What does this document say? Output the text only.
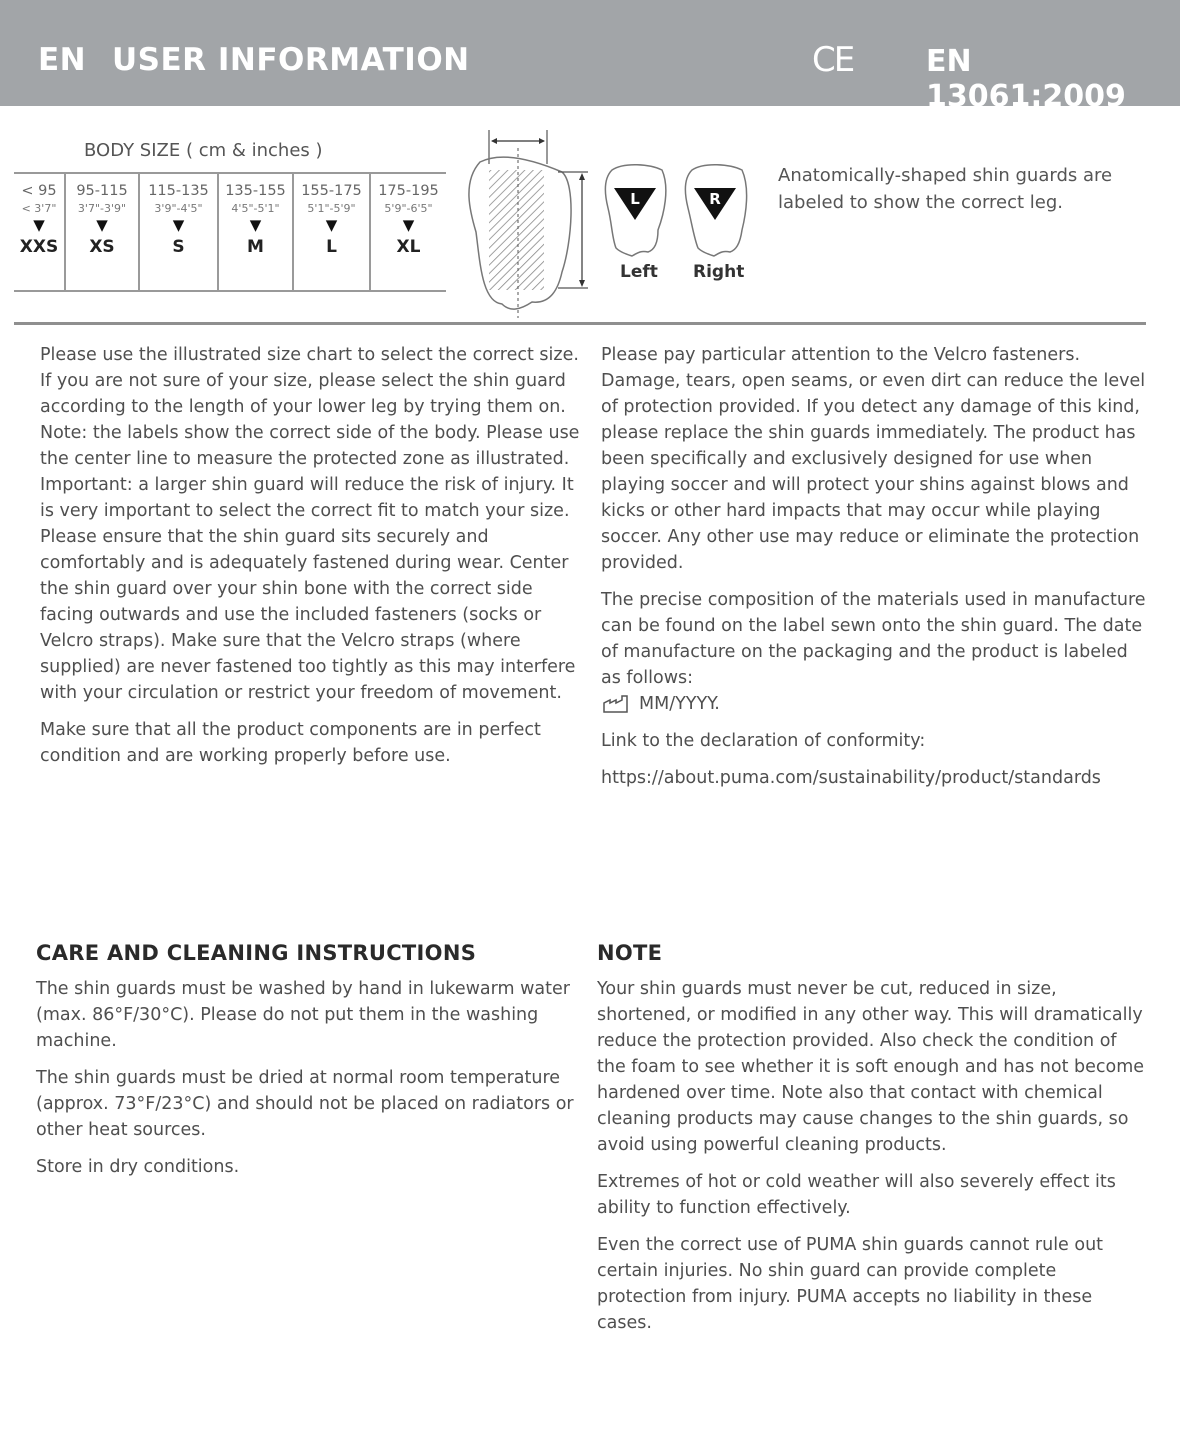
EN USER INFORMATION	CE EN 13061:2009
BODY SIZE ( cm & inches )
< 95
< 3'7"
▼
XXS
95-115
3'7"-3'9"
▼
XS
115-135
3'9"-4'5"
▼
S
135-155
4'5"-5'1"
▼
M
155-175
5'1"-5'9"
▼
L
175-195
5'9"-6'5"
▼
XL
L	R
Left Right
Anatomically-shaped shin guards are labeled to show the correct leg.

Please use the illustrated size chart to select the correct size. If you are not sure of your size, please select the shin guard according to the length of your lower leg by trying them on. Note: the labels show the correct side of the body. Please use the center line to measure the protected zone as illustrated. Important: a larger shin guard will reduce the risk of injury. It is very important to select the correct fit to match your size. Please ensure that the shin guard sits securely and comfortably and is adequately fastened during wear. Center the shin guard over your shin bone with the correct side facing outwards and use the included fasteners (socks or Velcro straps). Make sure that the Velcro straps (where supplied) are never fastened too tightly as this may interfere with your circulation or restrict your freedom of movement.

Make sure that all the product components are in perfect condition and are working properly before use.

Please pay particular attention to the Velcro fasteners. Damage, tears, open seams, or even dirt can reduce the level of protection provided. If you detect any damage of this kind, please replace the shin guards immediately. The product has been specifically and exclusively designed for use when playing soccer and will protect your shins against blows and kicks or other hard impacts that may occur while playing soccer. Any other use may reduce or eliminate the protection provided.

The precise composition of the materials used in manufacture can be found on the label sewn onto the shin guard. The date of manufacture on the packaging and the product is labeled as follows:

MM/YYYY.

Link to the declaration of conformity:

https://about.puma.com/sustainability/product/standards

CARE AND CLEANING INSTRUCTIONS

The shin guards must be washed by hand in lukewarm water (max. 86°F/30°C). Please do not put them in the washing machine.

The shin guards must be dried at normal room temperature (approx. 73°F/23°C) and should not be placed on radiators or other heat sources.

Store in dry conditions.

NOTE

Your shin guards must never be cut, reduced in size, shortened, or modified in any other way. This will dramatically reduce the protection provided. Also check the condition of the foam to see whether it is soft enough and has not become hardened over time. Note also that contact with chemical cleaning products may cause changes to the shin guards, so avoid using powerful cleaning products.

Extremes of hot or cold weather will also severely effect its ability to function effectively.

Even the correct use of PUMA shin guards cannot rule out certain injuries. No shin guard can provide complete protection from injury. PUMA accepts no liability in these cases.
